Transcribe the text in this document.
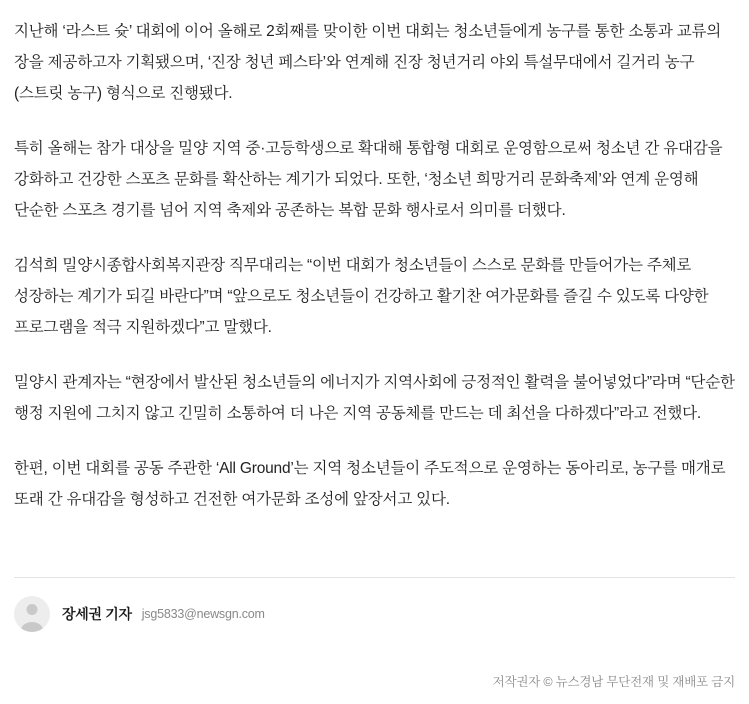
지난해 ‘라스트 슛’ 대회에 이어 올해로 2회째를 맞이한 이번 대회는 청소년들에게 농구를 통한 소통과 교류의 장을 제공하고자 기획됐으며, ‘진장 청년 페스타’와 연계해 진장 청년거리 야외 특설무대에서 길거리 농구(스트릿 농구) 형식으로 진행됐다.

특히 올해는 참가 대상을 밀양 지역 중·고등학생으로 확대해 통합형 대회로 운영함으로써 청소년 간 유대감을 강화하고 건강한 스포츠 문화를 확산하는 계기가 되었다. 또한, ‘청소년 희망거리 문화축제’와 연계 운영해 단순한 스포츠 경기를 넘어 지역 축제와 공존하는 복합 문화 행사로서 의미를 더했다.

김석희 밀양시종합사회복지관장 직무대리는 “이번 대회가 청소년들이 스스로 문화를 만들어가는 주체로 성장하는 계기가 되길 바란다”며 “앞으로도 청소년들이 건강하고 활기찬 여가문화를 즐길 수 있도록 다양한 프로그램을 적극 지원하겠다”고 말했다.

밀양시 관계자는 “현장에서 발산된 청소년들의 에너지가 지역사회에 긍정적인 활력을 불어넣었다”라며 “단순한 행정 지원에 그치지 않고 긴밀히 소통하여 더 나은 지역 공동체를 만드는 데 최선을 다하겠다”라고 전했다.

한편, 이번 대회를 공동 주관한 ‘All Ground’는 지역 청소년들이 주도적으로 운영하는 동아리로, 농구를 매개로 또래 간 유대감을 형성하고 건전한 여가문화 조성에 앞장서고 있다.

장세권 기자 jsg5833@newsgn.com
저작권자 © 뉴스경남 무단전재 및 재배포 금지
